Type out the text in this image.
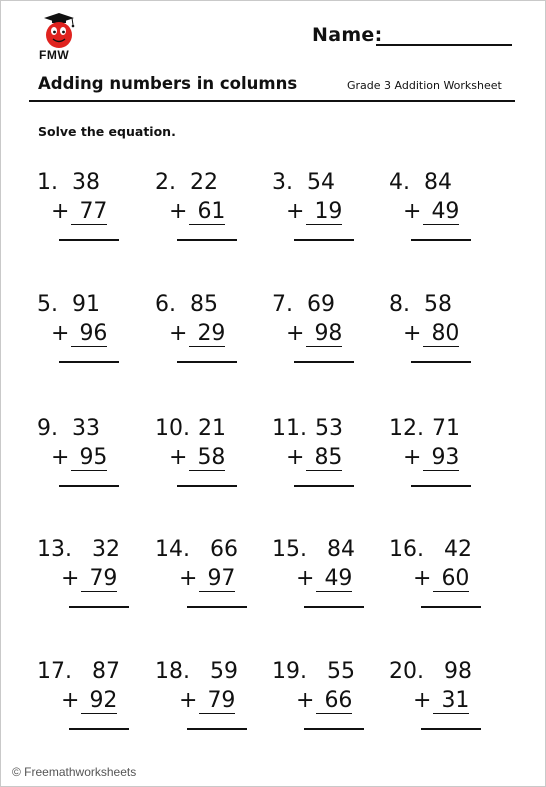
FMW
Name:
Adding numbers in columns	Grade 3 Addition Worksheet
Solve the equation.
1. 38
+ 77
2. 22
+ 61
3. 54
+ 19
4. 84
+ 49
5. 91
+ 96
6. 85
+ 29
7. 69
+ 98
8. 58
+ 80
9. 33
+ 95
10. 21
+ 58
11. 53
+ 85
12. 71
+ 93
13. 32
+ 79
14. 66
+ 97
15. 84
+ 49
16. 42
+ 60
17. 87
+ 92
18. 59
+ 79
19. 55
+ 66
20. 98
+ 31
© Freemathworksheets
